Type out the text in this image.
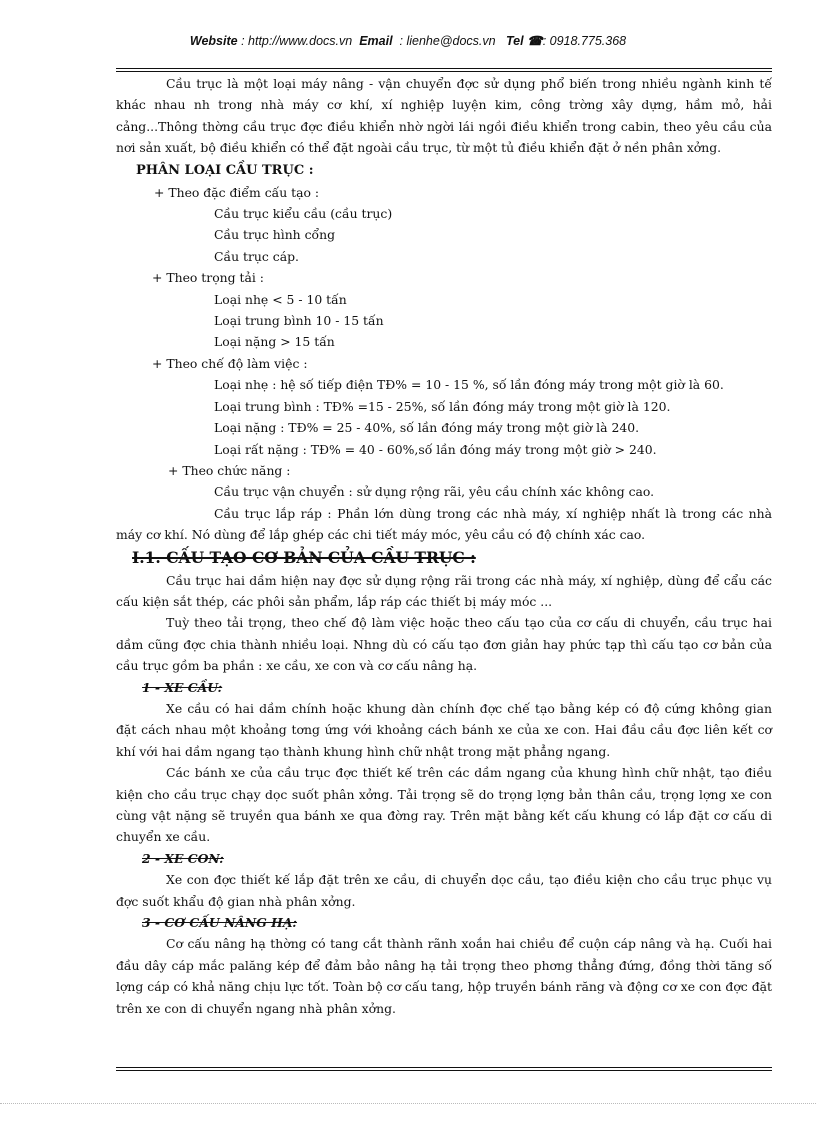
Website : http://www.docs.vn Email : lienhe@docs.vn Tel ☎: 0918.775.368

Cầu trục là một loại máy nâng - vận chuyển đợc sử dụng phổ biến trong nhiều ngành kinh tế khác nhau nh trong nhà máy cơ khí, xí nghiệp luyện kim, công trờng xây dựng, hầm mỏ, hải cảng...Thông thờng cầu trục đợc điều khiển nhờ ngời lái ngồi điều khiển trong cabin, theo yêu cầu của nơi sản xuất, bộ điều khiển có thể đặt ngoài cầu trục, từ một tủ điều khiển đặt ở nền phân xởng.

PHÂN LOẠI CẦU TRỤC :

+ Theo đặc điểm cấu tạo :

Cầu trục kiểu cầu (cầu trục)

Cầu trục hình cổng

Cầu trục cáp.

+ Theo trọng tải :

Loại nhẹ < 5 - 10 tấn

Loại trung bình 10 - 15 tấn

Loại nặng > 15 tấn

+ Theo chế độ làm việc :

Loại nhẹ : hệ số tiếp điện TĐ% = 10 - 15 %, số lần đóng máy trong một giờ là 60.

Loại trung bình : TĐ% =15 - 25%, số lần đóng máy trong một giờ là 120.

Loại nặng : TĐ% = 25 - 40%, số lần đóng máy trong một giờ là 240.

Loại rất nặng : TĐ% = 40 - 60%,số lần đóng máy trong một giờ > 240.

+ Theo chức năng :

Cầu trục vận chuyển : sử dụng rộng rãi, yêu cầu chính xác không cao.

Cầu trục lắp ráp : Phần lớn dùng trong các nhà máy, xí nghiệp nhất là trong các nhà máy cơ khí. Nó dùng để lắp ghép các chi tiết máy móc, yêu cầu có độ chính xác cao.

I.1. CẤU TẠO CƠ BẢN CỦA CẦU TRỤC :

Cầu trục hai dầm hiện nay đợc sử dụng rộng rãi trong các nhà máy, xí nghiệp, dùng để cẩu các cấu kiện sắt thép, các phôi sản phẩm, lắp ráp các thiết bị máy móc ...

Tuỳ theo tải trọng, theo chế độ làm việc hoặc theo cấu tạo của cơ cấu di chuyển, cầu trục hai dầm cũng đợc chia thành nhiều loại. Nhng dù có cấu tạo đơn giản hay phức tạp thì cấu tạo cơ bản của cầu trục gồm ba phần : xe cầu, xe con và cơ cấu nâng hạ.

1 - XE CẦU:

Xe cầu có hai dầm chính hoặc khung dàn chính đợc chế tạo bằng kép có độ cứng không gian đặt cách nhau một khoảng tơng ứng với khoảng cách bánh xe của xe con. Hai đầu cầu đợc liên kết cơ khí với hai dầm ngang tạo thành khung hình chữ nhật trong mặt phẳng ngang.

Các bánh xe của cầu trục đợc thiết kế trên các dầm ngang của khung hình chữ nhật, tạo điều kiện cho cầu trục chạy dọc suốt phân xởng. Tải trọng sẽ do trọng lợng bản thân cầu, trọng lợng xe con cùng vật nặng sẽ truyền qua bánh xe qua đờng ray. Trên mặt bằng kết cấu khung có lắp đặt cơ cấu di chuyển xe cầu.

2 - XE CON:

Xe con đợc thiết kế lắp đặt trên xe cầu, di chuyển dọc cầu, tạo điều kiện cho cầu trục phục vụ đợc suốt khẩu độ gian nhà phân xởng.

3 - CƠ CẤU NÂNG HẠ:

Cơ cấu nâng hạ thờng có tang cắt thành rãnh xoắn hai chiều để cuộn cáp nâng và hạ. Cuối hai đầu dây cáp mắc palăng kép để đảm bảo nâng hạ tải trọng theo phơng thẳng đứng, đồng thời tăng số lợng cáp có khả năng chịu lực tốt. Toàn bộ cơ cấu tang, hộp truyền bánh răng và động cơ xe con đợc đặt trên xe con di chuyển ngang nhà phân xởng.
